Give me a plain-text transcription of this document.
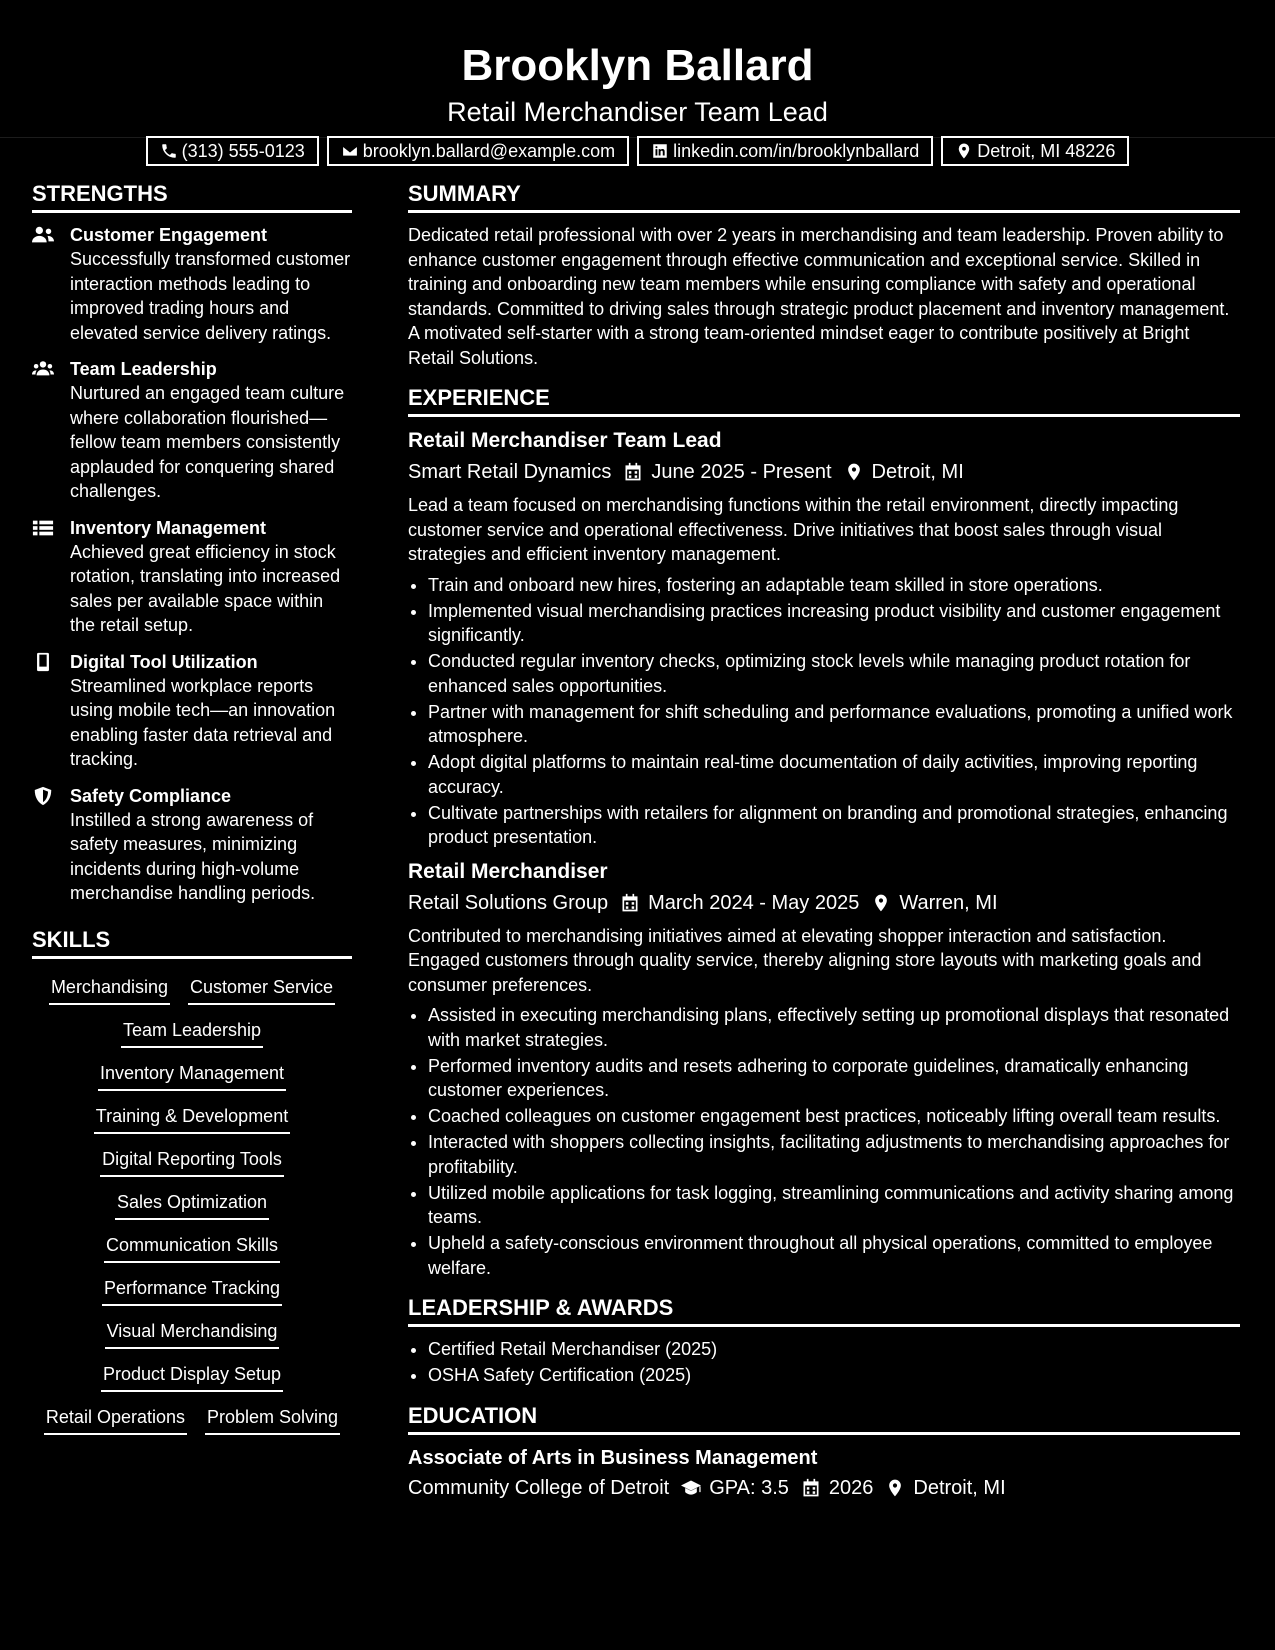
Brooklyn Ballard
Retail Merchandiser Team Lead
(313) 555-0123	brooklyn.ballard@example.com	linkedin.com/in/brooklynballard	Detroit, MI 48226
STRENGTHS
Customer Engagement
Successfully transformed customer interaction methods leading to improved trading hours and elevated service delivery ratings.
Team Leadership
Nurtured an engaged team culture where collaboration flourished—fellow team members consistently applauded for conquering shared challenges.
Inventory Management
Achieved great efficiency in stock rotation, translating into increased sales per available space within the retail setup.
Digital Tool Utilization
Streamlined workplace reports using mobile tech—an innovation enabling faster data retrieval and tracking.
Safety Compliance
Instilled a strong awareness of safety measures, minimizing incidents during high-volume merchandise handling periods.
SKILLS
Merchandising Customer Service
Team Leadership
Inventory Management
Training & Development
Digital Reporting Tools
Sales Optimization
Communication Skills
Performance Tracking
Visual Merchandising
Product Display Setup
Retail Operations Problem Solving
SUMMARY

Dedicated retail professional with over 2 years in merchandising and team leadership. Proven ability to enhance customer engagement through effective communication and exceptional service. Skilled in training and onboarding new team members while ensuring compliance with safety and operational standards. Committed to driving sales through strategic product placement and inventory management. A motivated self-starter with a strong team-oriented mindset eager to contribute positively at Bright Retail Solutions.

EXPERIENCE
Retail Merchandiser Team Lead
Smart Retail Dynamics June 2025 - Present Detroit, MI

Lead a team focused on merchandising functions within the retail environment, directly impacting customer service and operational effectiveness. Drive initiatives that boost sales through visual strategies and efficient inventory management.

• Train and onboard new hires, fostering an adaptable team skilled in store operations.
• Implemented visual merchandising practices increasing product visibility and customer engagement significantly.
• Conducted regular inventory checks, optimizing stock levels while managing product rotation for enhanced sales opportunities.
• Partner with management for shift scheduling and performance evaluations, promoting a unified work atmosphere.
• Adopt digital platforms to maintain real-time documentation of daily activities, improving reporting accuracy.
• Cultivate partnerships with retailers for alignment on branding and promotional strategies, enhancing product presentation.
Retail Merchandiser
Retail Solutions Group March 2024 - May 2025 Warren, MI

Contributed to merchandising initiatives aimed at elevating shopper interaction and satisfaction. Engaged customers through quality service, thereby aligning store layouts with marketing goals and consumer preferences.

• Assisted in executing merchandising plans, effectively setting up promotional displays that resonated with market strategies.
• Performed inventory audits and resets adhering to corporate guidelines, dramatically enhancing customer experiences.
• Coached colleagues on customer engagement best practices, noticeably lifting overall team results.
• Interacted with shoppers collecting insights, facilitating adjustments to merchandising approaches for profitability.
• Utilized mobile applications for task logging, streamlining communications and activity sharing among teams.
• Upheld a safety-conscious environment throughout all physical operations, committed to employee welfare.
LEADERSHIP & AWARDS
• Certified Retail Merchandiser (2025)
• OSHA Safety Certification (2025)
EDUCATION
Associate of Arts in Business Management
Community College of Detroit GPA: 3.5 2026 Detroit, MI
